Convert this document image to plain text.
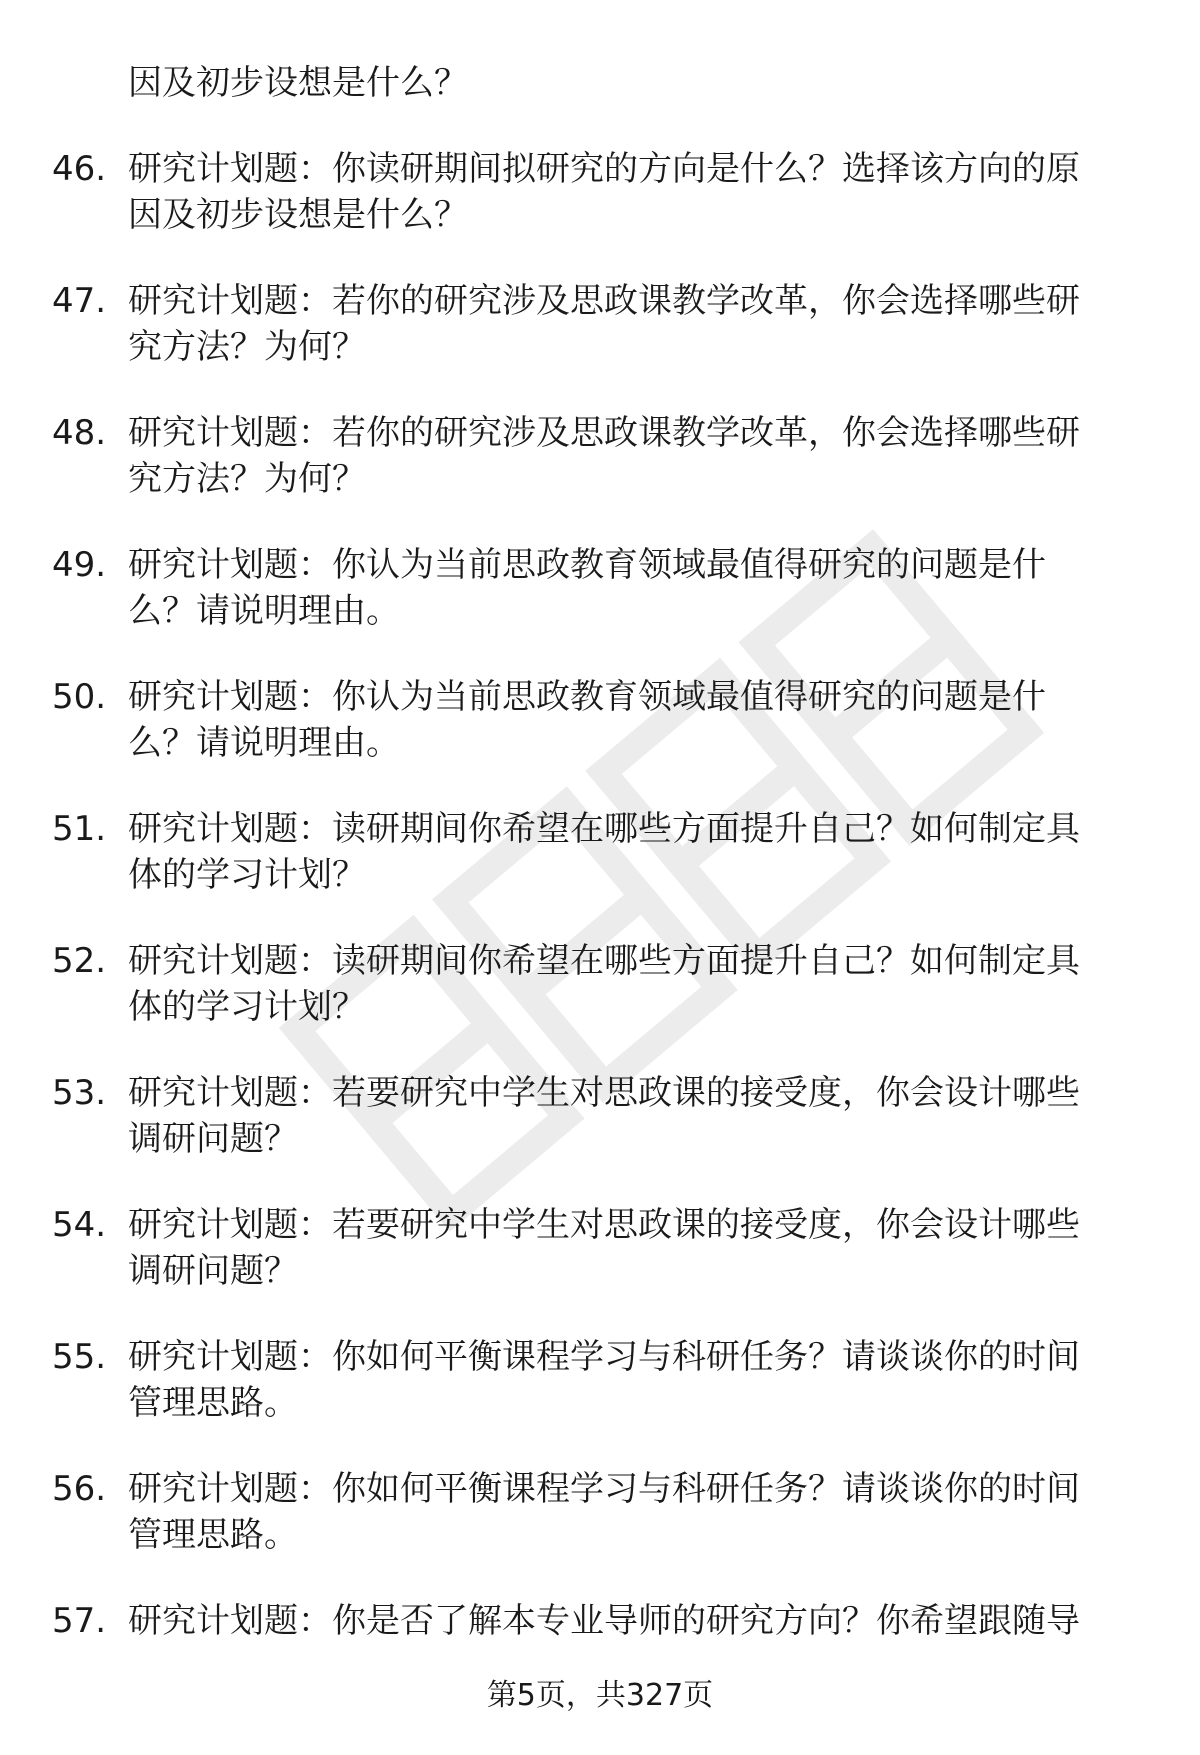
因及初步设想是什么？
46. 研究计划题：你读研期间拟研究的方向是什么？选择该方向的原
因及初步设想是什么？
47. 研究计划题：若你的研究涉及思政课教学改革，你会选择哪些研
究方法？为何？
48. 研究计划题：若你的研究涉及思政课教学改革，你会选择哪些研
究方法？为何？
49. 研究计划题：你认为当前思政教育领域最值得研究的问题是什
么？请说明理由。
50. 研究计划题：你认为当前思政教育领域最值得研究的问题是什
么？请说明理由。
51. 研究计划题：读研期间你希望在哪些方面提升自己？如何制定具
体的学习计划？
52. 研究计划题：读研期间你希望在哪些方面提升自己？如何制定具
体的学习计划？
53. 研究计划题：若要研究中学生对思政课的接受度，你会设计哪些
调研问题？
54. 研究计划题：若要研究中学生对思政课的接受度，你会设计哪些
调研问题？
55. 研究计划题：你如何平衡课程学习与科研任务？请谈谈你的时间
管理思路。
56. 研究计划题：你如何平衡课程学习与科研任务？请谈谈你的时间
管理思路。
57. 研究计划题：你是否了解本专业导师的研究方向？你希望跟随导
第5页，共327页
